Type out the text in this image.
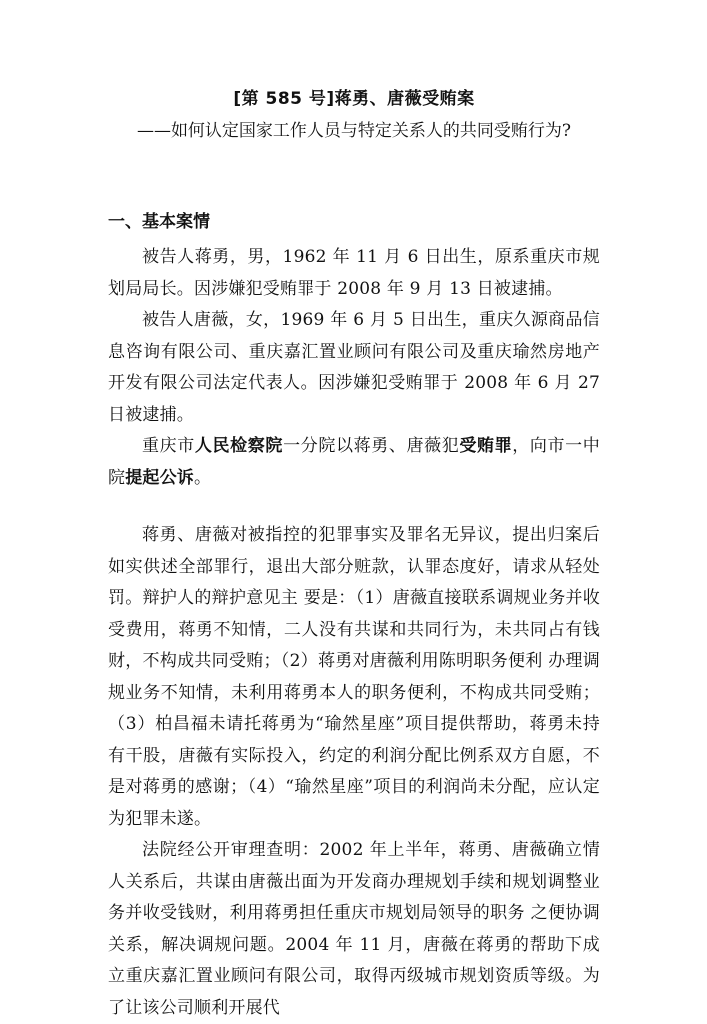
[第 585 号]蒋勇、唐薇受贿案
——如何认定国家工作人员与特定关系人的共同受贿行为?
一、基本案情

被告人蒋勇，男，1962 年 11 月 6 日出生，原系重庆市规划局局长。因涉嫌犯受贿罪于 2008 年 9 月 13 日被逮捕。

被告人唐薇，女，1969 年 6 月 5 日出生，重庆久源商品信息咨询有限公司、重庆嘉汇置业顾问有限公司及重庆瑜然房地产开发有限公司法定代表人。因涉嫌犯受贿罪于 2008 年 6 月 27 日被逮捕。

重庆市人民检察院一分院以蒋勇、唐薇犯受贿罪，向市一中院提起公诉。

蒋勇、唐薇对被指控的犯罪事实及罪名无异议，提出归案后如实供述全部罪行，退出大部分赃款，认罪态度好，请求从轻处罚。辩护人的辩护意见主 要是：（1）唐薇直接联系调规业务并收受费用，蒋勇不知情，二人没有共谋和共同行为，未共同占有钱财，不构成共同受贿；（2）蒋勇对唐薇利用陈明职务便利 办理调规业务不知情，未利用蒋勇本人的职务便利，不构成共同受贿；（3）柏昌福未请托蒋勇为“瑜然星座”项目提供帮助，蒋勇未持有干股，唐薇有实际投入，约定的利润分配比例系双方自愿，不是对蒋勇的感谢；（4）“瑜然星座”项目的利润尚未分配，应认定为犯罪未遂。

法院经公开审理查明：2002 年上半年，蒋勇、唐薇确立情人关系后，共谋由唐薇出面为开发商办理规划手续和规划调整业务并收受钱财，利用蒋勇担任重庆市规划局领导的职务 之便协调关系，解决调规问题。2004 年 11 月，唐薇在蒋勇的帮助下成立重庆嘉汇置业顾问有限公司，取得丙级城市规划资质等级。为了让该公司顺利开展代
